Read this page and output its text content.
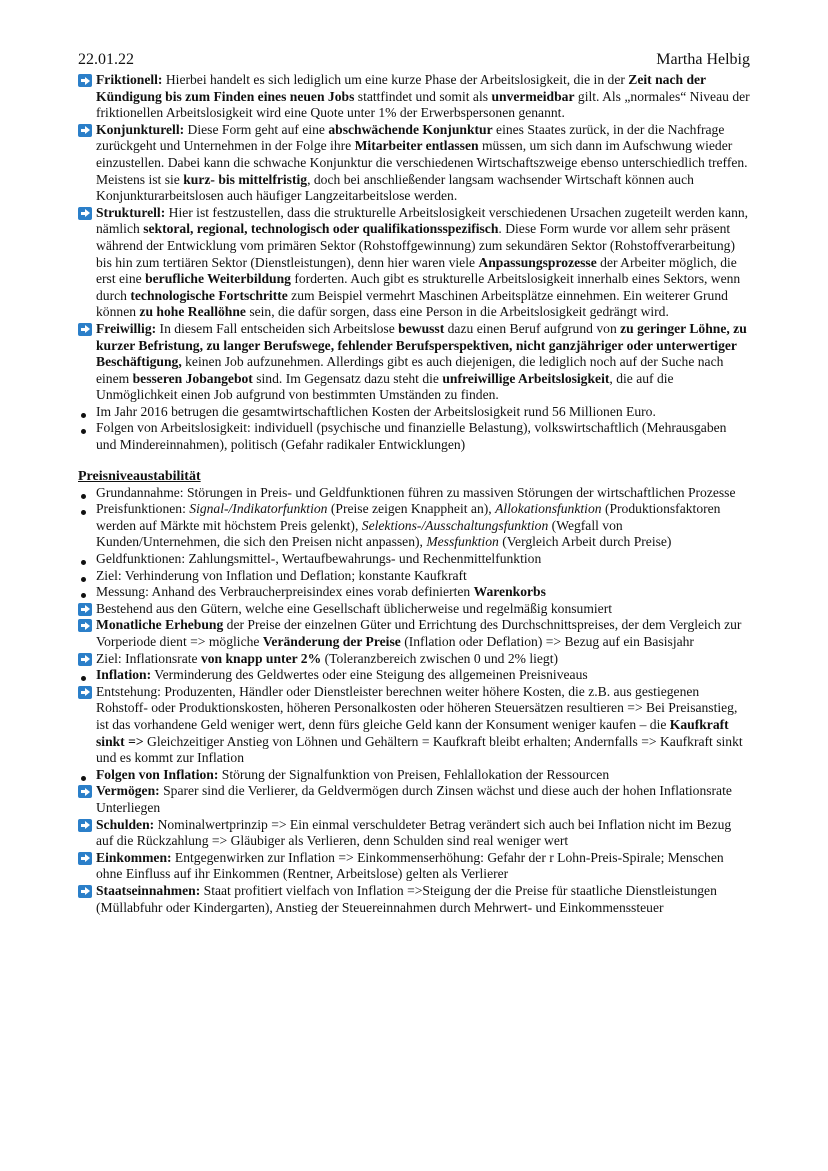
22.01.22	Martha Helbig
Friktionell: Hierbei handelt es sich lediglich um eine kurze Phase der Arbeitslosigkeit, die in der Zeit nach der Kündigung bis zum Finden eines neuen Jobs stattfindet und somit als unvermeidbar gilt. Als „normales“ Niveau der friktionellen Arbeitslosigkeit wird eine Quote unter 1% der Erwerbspersonen genannt.
Konjunkturell: Diese Form geht auf eine abschwächende Konjunktur eines Staates zurück, in der die Nachfrage zurückgeht und Unternehmen in der Folge ihre Mitarbeiter entlassen müssen, um sich dann im Aufschwung wieder einzustellen. Dabei kann die schwache Konjunktur die verschiedenen Wirtschaftszweige ebenso unterschiedlich treffen. Meistens ist sie kurz- bis mittelfristig, doch bei anschließender langsam wachsender Wirtschaft können auch Konjunkturarbeitslosen auch häufiger Langzeitarbeitslose werden.
Strukturell: Hier ist festzustellen, dass die strukturelle Arbeitslosigkeit verschiedenen Ursachen zugeteilt werden kann, nämlich sektoral, regional, technologisch oder qualifikationsspezifisch. Diese Form wurde vor allem sehr präsent während der Entwicklung vom primären Sektor (Rohstoffgewinnung) zum sekundären Sektor (Rohstoffverarbeitung) bis hin zum tertiären Sektor (Dienstleistungen), denn hier waren viele Anpassungsprozesse der Arbeiter möglich, die erst eine berufliche Weiterbildung forderten. Auch gibt es strukturelle Arbeitslosigkeit innerhalb eines Sektors, wenn durch technologische Fortschritte zum Beispiel vermehrt Maschinen Arbeitsplätze einnehmen. Ein weiterer Grund können zu hohe Reallöhne sein, die dafür sorgen, dass eine Person in die Arbeitslosigkeit gedrängt wird.
Freiwillig: In diesem Fall entscheiden sich Arbeitslose bewusst dazu einen Beruf aufgrund von zu geringer Löhne, zu kurzer Befristung, zu langer Berufswege, fehlender Berufsperspektiven, nicht ganzjähriger oder unterwertiger Beschäftigung, keinen Job aufzunehmen. Allerdings gibt es auch diejenigen, die lediglich noch auf der Suche nach einem besseren Jobangebot sind. Im Gegensatz dazu steht die unfreiwillige Arbeitslosigkeit, die auf die Unmöglichkeit einen Job aufgrund von bestimmten Umständen zu finden.
Im Jahr 2016 betrugen die gesamtwirtschaftlichen Kosten der Arbeitslosigkeit rund 56 Millionen Euro.
Folgen von Arbeitslosigkeit: individuell (psychische und finanzielle Belastung), volkswirtschaftlich (Mehrausgaben und Mindereinnahmen), politisch (Gefahr radikaler Entwicklungen)
Preisniveaustabilität
Grundannahme: Störungen in Preis- und Geldfunktionen führen zu massiven Störungen der wirtschaftlichen Prozesse
Preisfunktionen: Signal-/Indikatorfunktion (Preise zeigen Knappheit an), Allokationsfunktion (Produktionsfaktoren werden auf Märkte mit höchstem Preis gelenkt), Selektions-/Ausschaltungsfunktion (Wegfall von Kunden/Unternehmen, die sich den Preisen nicht anpassen), Messfunktion (Vergleich Arbeit durch Preise)
Geldfunktionen: Zahlungsmittel-, Wertaufbewahrungs- und Rechenmittelfunktion
Ziel: Verhinderung von Inflation und Deflation; konstante Kaufkraft
Messung: Anhand des Verbraucherpreisindex eines vorab definierten Warenkorbs
Bestehend aus den Gütern, welche eine Gesellschaft üblicherweise und regelmäßig konsumiert
Monatliche Erhebung der Preise der einzelnen Güter und Errichtung des Durchschnittspreises, der dem Vergleich zur Vorperiode dient => mögliche Veränderung der Preise (Inflation oder Deflation) => Bezug auf ein Basisjahr
Ziel: Inflationsrate von knapp unter 2% (Toleranzbereich zwischen 0 und 2% liegt)
Inflation: Verminderung des Geldwertes oder eine Steigung des allgemeinen Preisniveaus
Entstehung: Produzenten, Händler oder Dienstleister berechnen weiter höhere Kosten, die z.B. aus gestiegenen Rohstoff- oder Produktionskosten, höheren Personalkosten oder höheren Steuersätzen resultieren => Bei Preisanstieg, ist das vorhandene Geld weniger wert, denn fürs gleiche Geld kann der Konsument weniger kaufen – die Kaufkraft sinkt => Gleichzeitiger Anstieg von Löhnen und Gehältern = Kaufkraft bleibt erhalten; Andernfalls => Kaufkraft sinkt und es kommt zur Inflation
Folgen von Inflation: Störung der Signalfunktion von Preisen, Fehlallokation der Ressourcen
Vermögen: Sparer sind die Verlierer, da Geldvermögen durch Zinsen wächst und diese auch der hohen Inflationsrate Unterliegen
Schulden: Nominalwertprinzip => Ein einmal verschuldeter Betrag verändert sich auch bei Inflation nicht im Bezug auf die Rückzahlung => Gläubiger als Verlieren, denn Schulden sind real weniger wert
Einkommen: Entgegenwirken zur Inflation => Einkommenserhöhung: Gefahr der r Lohn-Preis-Spirale; Menschen ohne Einfluss auf ihr Einkommen (Rentner, Arbeitslose) gelten als Verlierer
Staatseinnahmen: Staat profitiert vielfach von Inflation =>Steigung der die Preise für staatliche Dienstleistungen (Müllabfuhr oder Kindergarten), Anstieg der Steuereinnahmen durch Mehrwert- und Einkommenssteuer
